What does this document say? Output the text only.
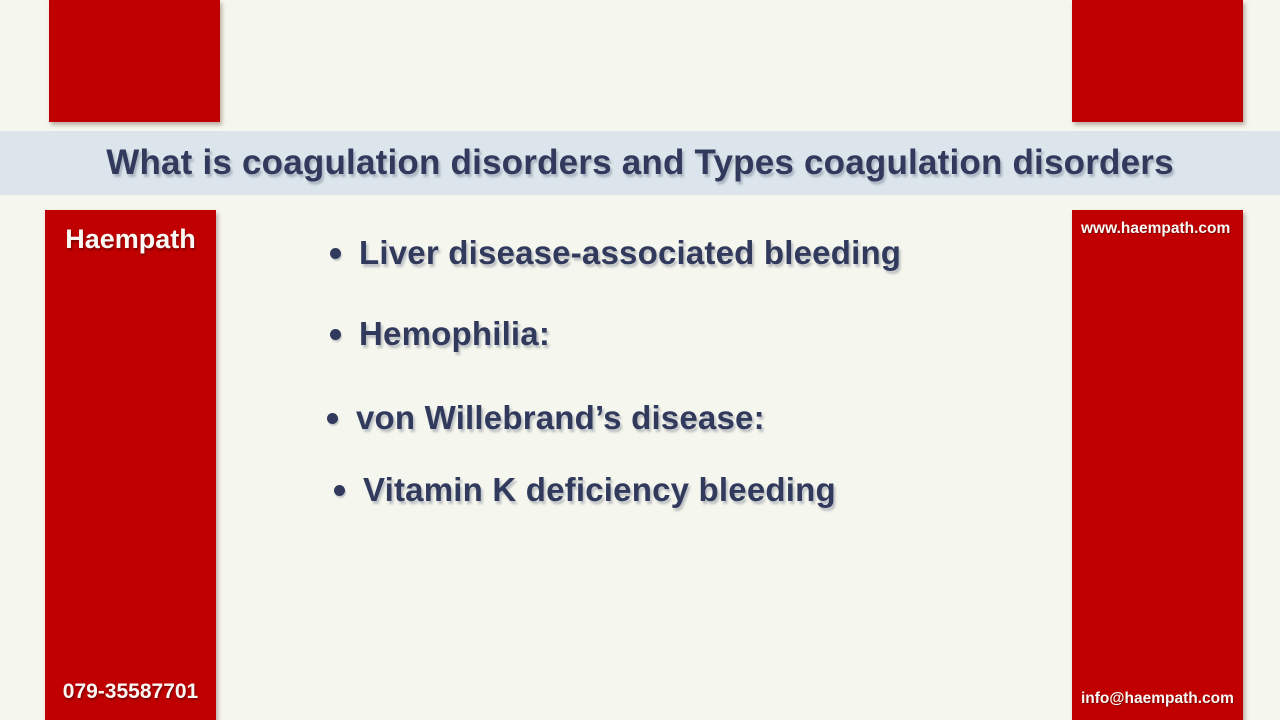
What is coagulation disorders and Types coagulation disorders
Haempath
079-35587701
www.haempath.com
info@haempath.com
Liver disease-associated bleeding
Hemophilia:
von Willebrand’s disease:
Vitamin K deficiency bleeding
